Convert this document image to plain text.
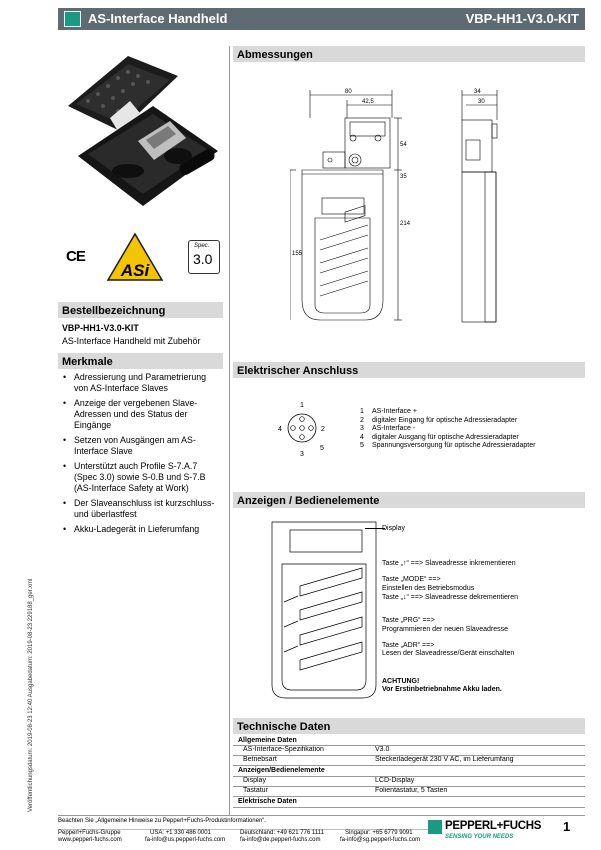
AS-Interface Handheld	VBP-HH1-V3.0-KIT
CE
ASi
Spec.
3.0
Bestellbezeichnung
VBP-HH1-V3.0-KIT
AS-Interface Handheld mit Zubehör
Merkmale
• Adressierung und Parametrierung von AS-Interface Slaves
• Anzeige der vergebenen Slave-Adressen und des Status der Eingänge
• Setzen von Ausgängen am AS-Interface Slave
• Unterstützt auch Profile S-7.A.7 (Spec 3.0) sowie S-0.B und S-7.B (AS-Interface Safety at Work)
• Der Slaveanschluss ist kurzschluss- und überlastfest
• Akku-Ladegerät in Lieferumfang
Abmessungen
80
42,5
34
30
54
35
214
155
Elektrischer Anschluss
1
2
3
4
5
1 AS-Interface +
2 digitaler Eingang für optische Adressieradapter
3 AS-Interface -
4 digitaler Ausgang für optische Adressieradapter
5 Spannungsversorgung für optische Adressieradapter
Anzeigen / Bedienelemente
Display
Taste „↑“ ==> Slaveadresse inkrementieren
Taste „MODE“ ==>
Einstellen des Betriebsmodus
Taste „↓“ ==> Slaveadresse dekrementieren
Taste „PRG“ ==>
Programmieren der neuen Slaveadresse
Taste „ADR“ ==>
Lesen der Slaveadresse/Gerät einschalten
ACHTUNG!
Vor Erstinbetriebnahme Akku laden.
Technische Daten
Allgemeine Daten
AS-Interface-Spezifikation	V3.0
Betriebsart	Steckerladegerät 230 V AC, im Lieferumfang
Anzeigen/Bedienelemente
Display	LCD-Display
Tastatur	Folientastatur, 5 Tasten
Elektrische Daten
Veröffentlichungsdatum: 2019-08-23 12:40 Ausgabedatum: 2019-08-23 229188_ger.xml
Beachten Sie „Allgemeine Hinweise zu Pepperl+Fuchs-Produktinformationen“.
Pepperl+Fuchs-Gruppe
www.pepperl-fuchs.com
USA: +1 330 486 0001
fa-info@us.pepperl-fuchs.com
Deutschland: +49 621 776 1111
fa-info@de.pepperl-fuchs.com
Singapur: +65 6779 9091
fa-info@sg.pepperl-fuchs.com
PEPPERL+FUCHS
SENSING YOUR NEEDS
1
